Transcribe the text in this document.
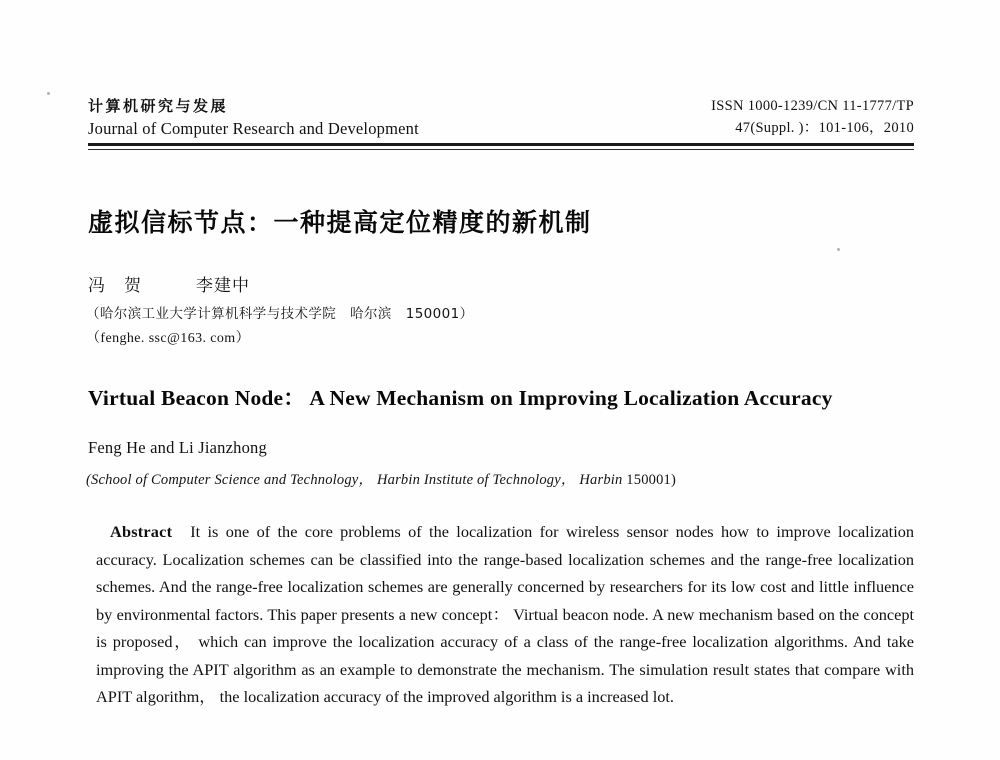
计算机研究与发展
Journal of Computer Research and Development
ISSN 1000-1239/CN 11-1777/TP
47(Suppl. )：101-106，2010
虚拟信标节点：一种提高定位精度的新机制
冯　贺　　　李建中
（哈尔滨工业大学计算机科学与技术学院　哈尔滨　150001）
（fenghe. ssc@163. com）
Virtual Beacon Node： A New Mechanism on Improving Localization Accuracy
Feng He and Li Jianzhong
(School of Computer Science and Technology， Harbin Institute of Technology， Harbin 150001)
Abstract It is one of the core problems of the localization for wireless sensor nodes how to improve localization accuracy. Localization schemes can be classified into the range-based localization schemes and the range-free localization schemes. And the range-free localization schemes are generally concerned by researchers for its low cost and little influence by environmental factors. This paper presents a new concept： Virtual beacon node. A new mechanism based on the concept is proposed， which can improve the localization accuracy of a class of the range-free localization algorithms. And take improving the APIT algorithm as an example to demonstrate the mechanism. The simulation result states that compare with APIT algorithm， the localization accuracy of the improved algorithm is a increased lot.
